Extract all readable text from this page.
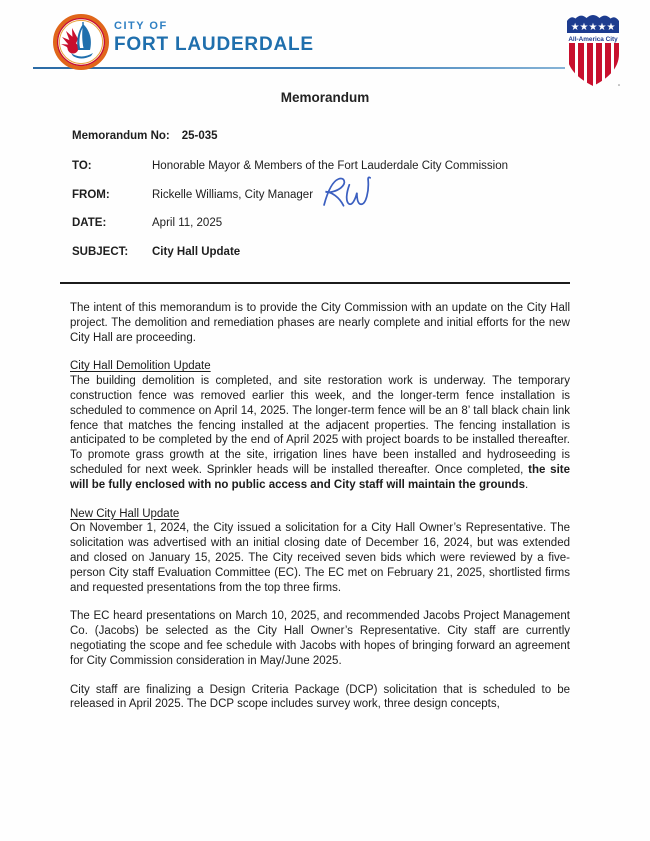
CITY OF
FORT LAUDERDALE
★★★★★
All-America City
Memorandum
Memorandum No: 25-035
TO:	Honorable Mayor & Members of the Fort Lauderdale City Commission
FROM:	Rickelle Williams, City Manager
DATE:	April 11, 2025
SUBJECT:	City Hall Update

The intent of this memorandum is to provide the City Commission with an update on the City Hall project. The demolition and remediation phases are nearly complete and initial efforts for the new City Hall are proceeding.

City Hall Demolition Update

The building demolition is completed, and site restoration work is underway. The temporary construction fence was removed earlier this week, and the longer-term fence installation is scheduled to commence on April 14, 2025. The longer-term fence will be an 8’ tall black chain link fence that matches the fencing installed at the adjacent properties. The fencing installation is anticipated to be completed by the end of April 2025 with project boards to be installed thereafter. To promote grass growth at the site, irrigation lines have been installed and hydroseeding is scheduled for next week. Sprinkler heads will be installed thereafter. Once completed, the site will be fully enclosed with no public access and City staff will maintain the grounds.

New City Hall Update

On November 1, 2024, the City issued a solicitation for a City Hall Owner’s Representative. The solicitation was advertised with an initial closing date of December 16, 2024, but was extended and closed on January 15, 2025. The City received seven bids which were reviewed by a five-person City staff Evaluation Committee (EC). The EC met on February 21, 2025, shortlisted firms and requested presentations from the top three firms.

The EC heard presentations on March 10, 2025, and recommended Jacobs Project Management Co. (Jacobs) be selected as the City Hall Owner’s Representative. City staff are currently negotiating the scope and fee schedule with Jacobs with hopes of bringing forward an agreement for City Commission consideration in May/June 2025.

City staff are finalizing a Design Criteria Package (DCP) solicitation that is scheduled to be released in April 2025. The DCP scope includes survey work, three design concepts,
